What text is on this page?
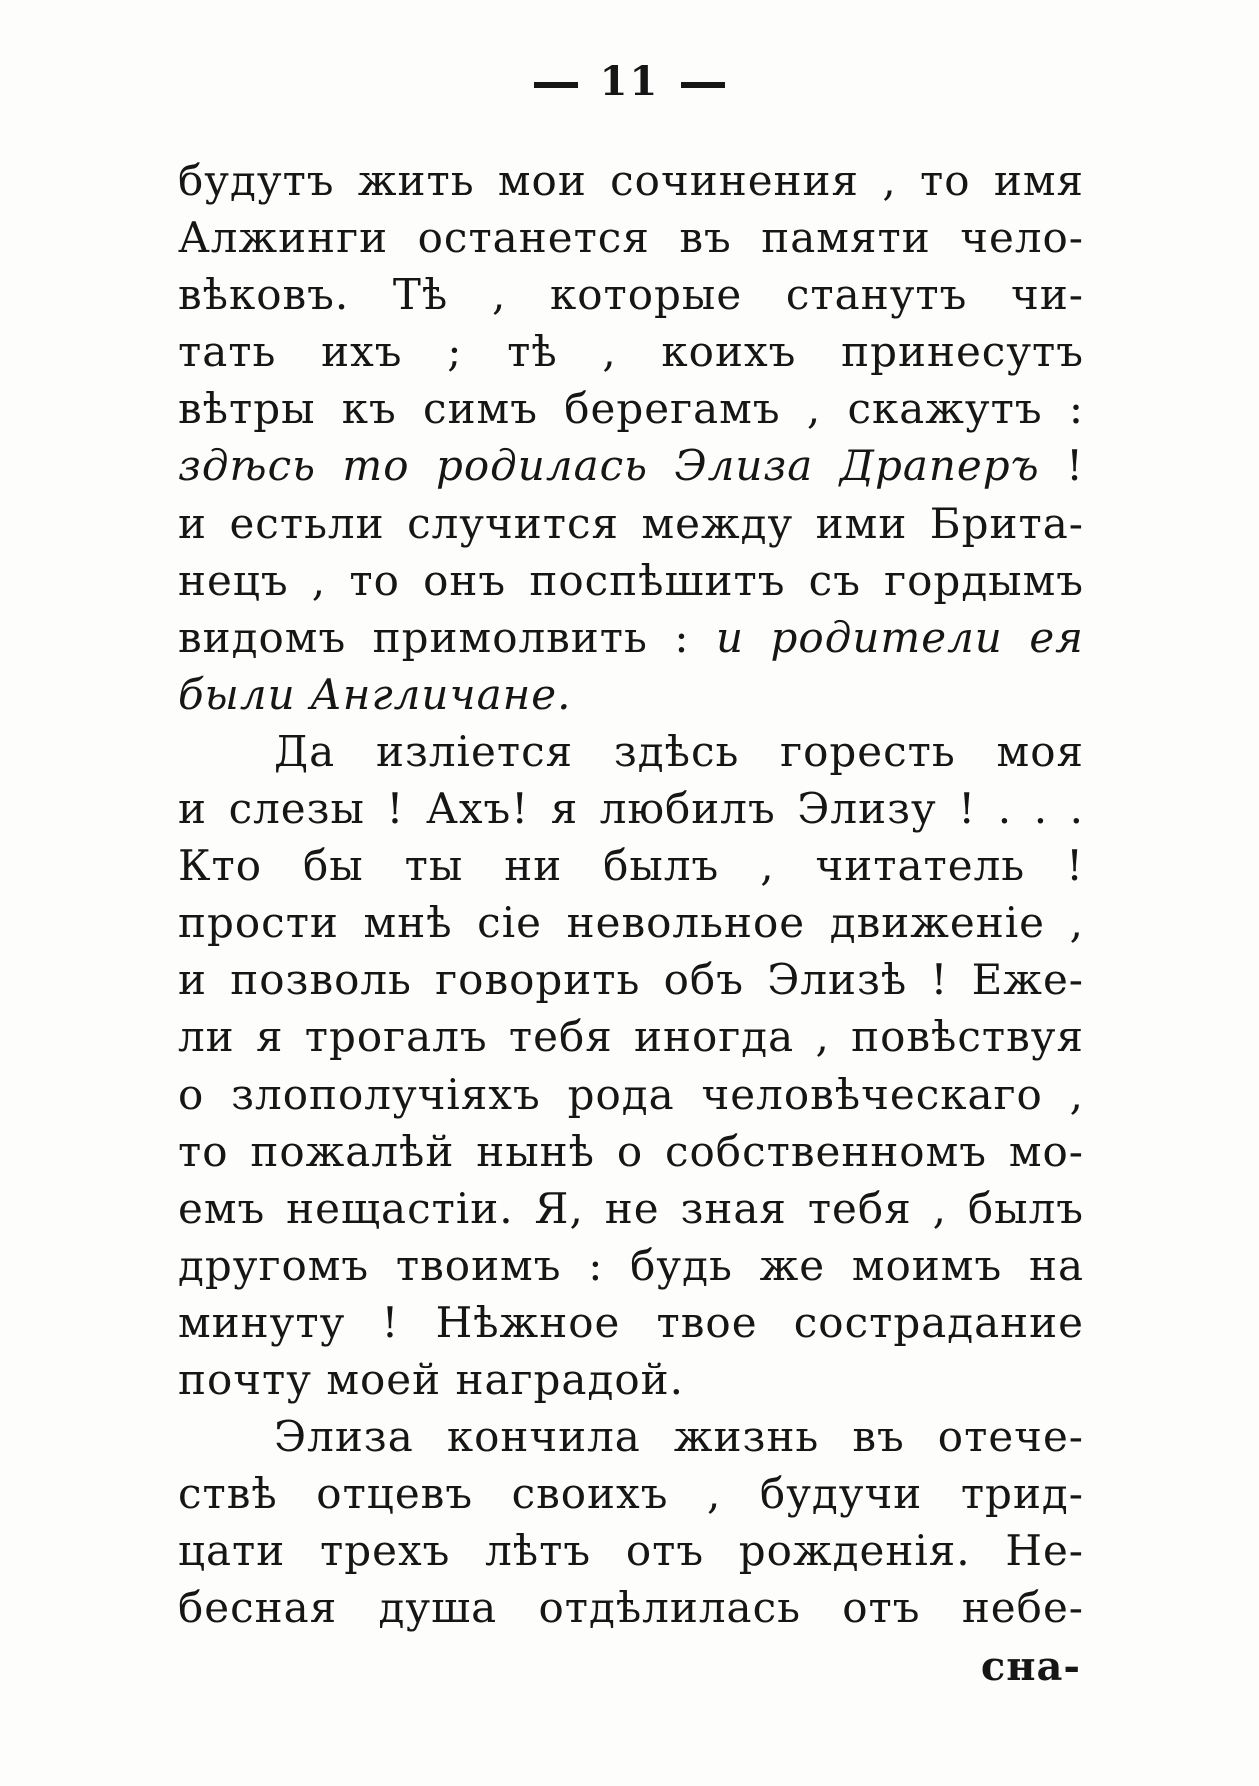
11
будутъ жить мои сочинения , то имя
Алжинги останется въ памяти чело-
вѣковъ. Тѣ , которые станутъ чи-
тать ихъ ; тѣ , коихъ принесутъ
вѣтры къ симъ берегамъ , скажутъ :
здѣсь то родилась Элиза Драперъ !
и естьли случится между ими Брита-
нецъ , то онъ поспѣшитъ съ гордымъ
видомъ примолвить : и родители ея
были Англичане.
Да изліется здѣсь горесть моя
и слезы ! Ахъ! я любилъ Элизу ! . . .
Кто бы ты ни былъ , читатель !
прости мнѣ сіе невольное движеніе ,
и позволь говорить объ Элизѣ ! Еже-
ли я трогалъ тебя иногда , повѣствуя
о злополучіяхъ рода человѣческаго ,
то пожалѣй нынѣ о собственномъ мо-
емъ нещастіи. Я, не зная тебя , былъ
другомъ твоимъ : будь же моимъ на
минуту ! Нѣжное твое сострадание
почту моей наградой.
Элиза кончила жизнь въ отече-
ствѣ отцевъ своихъ , будучи трид-
цати трехъ лѣтъ отъ рожденія. Не-
бесная душа отдѣлилась отъ небе-
сна-
